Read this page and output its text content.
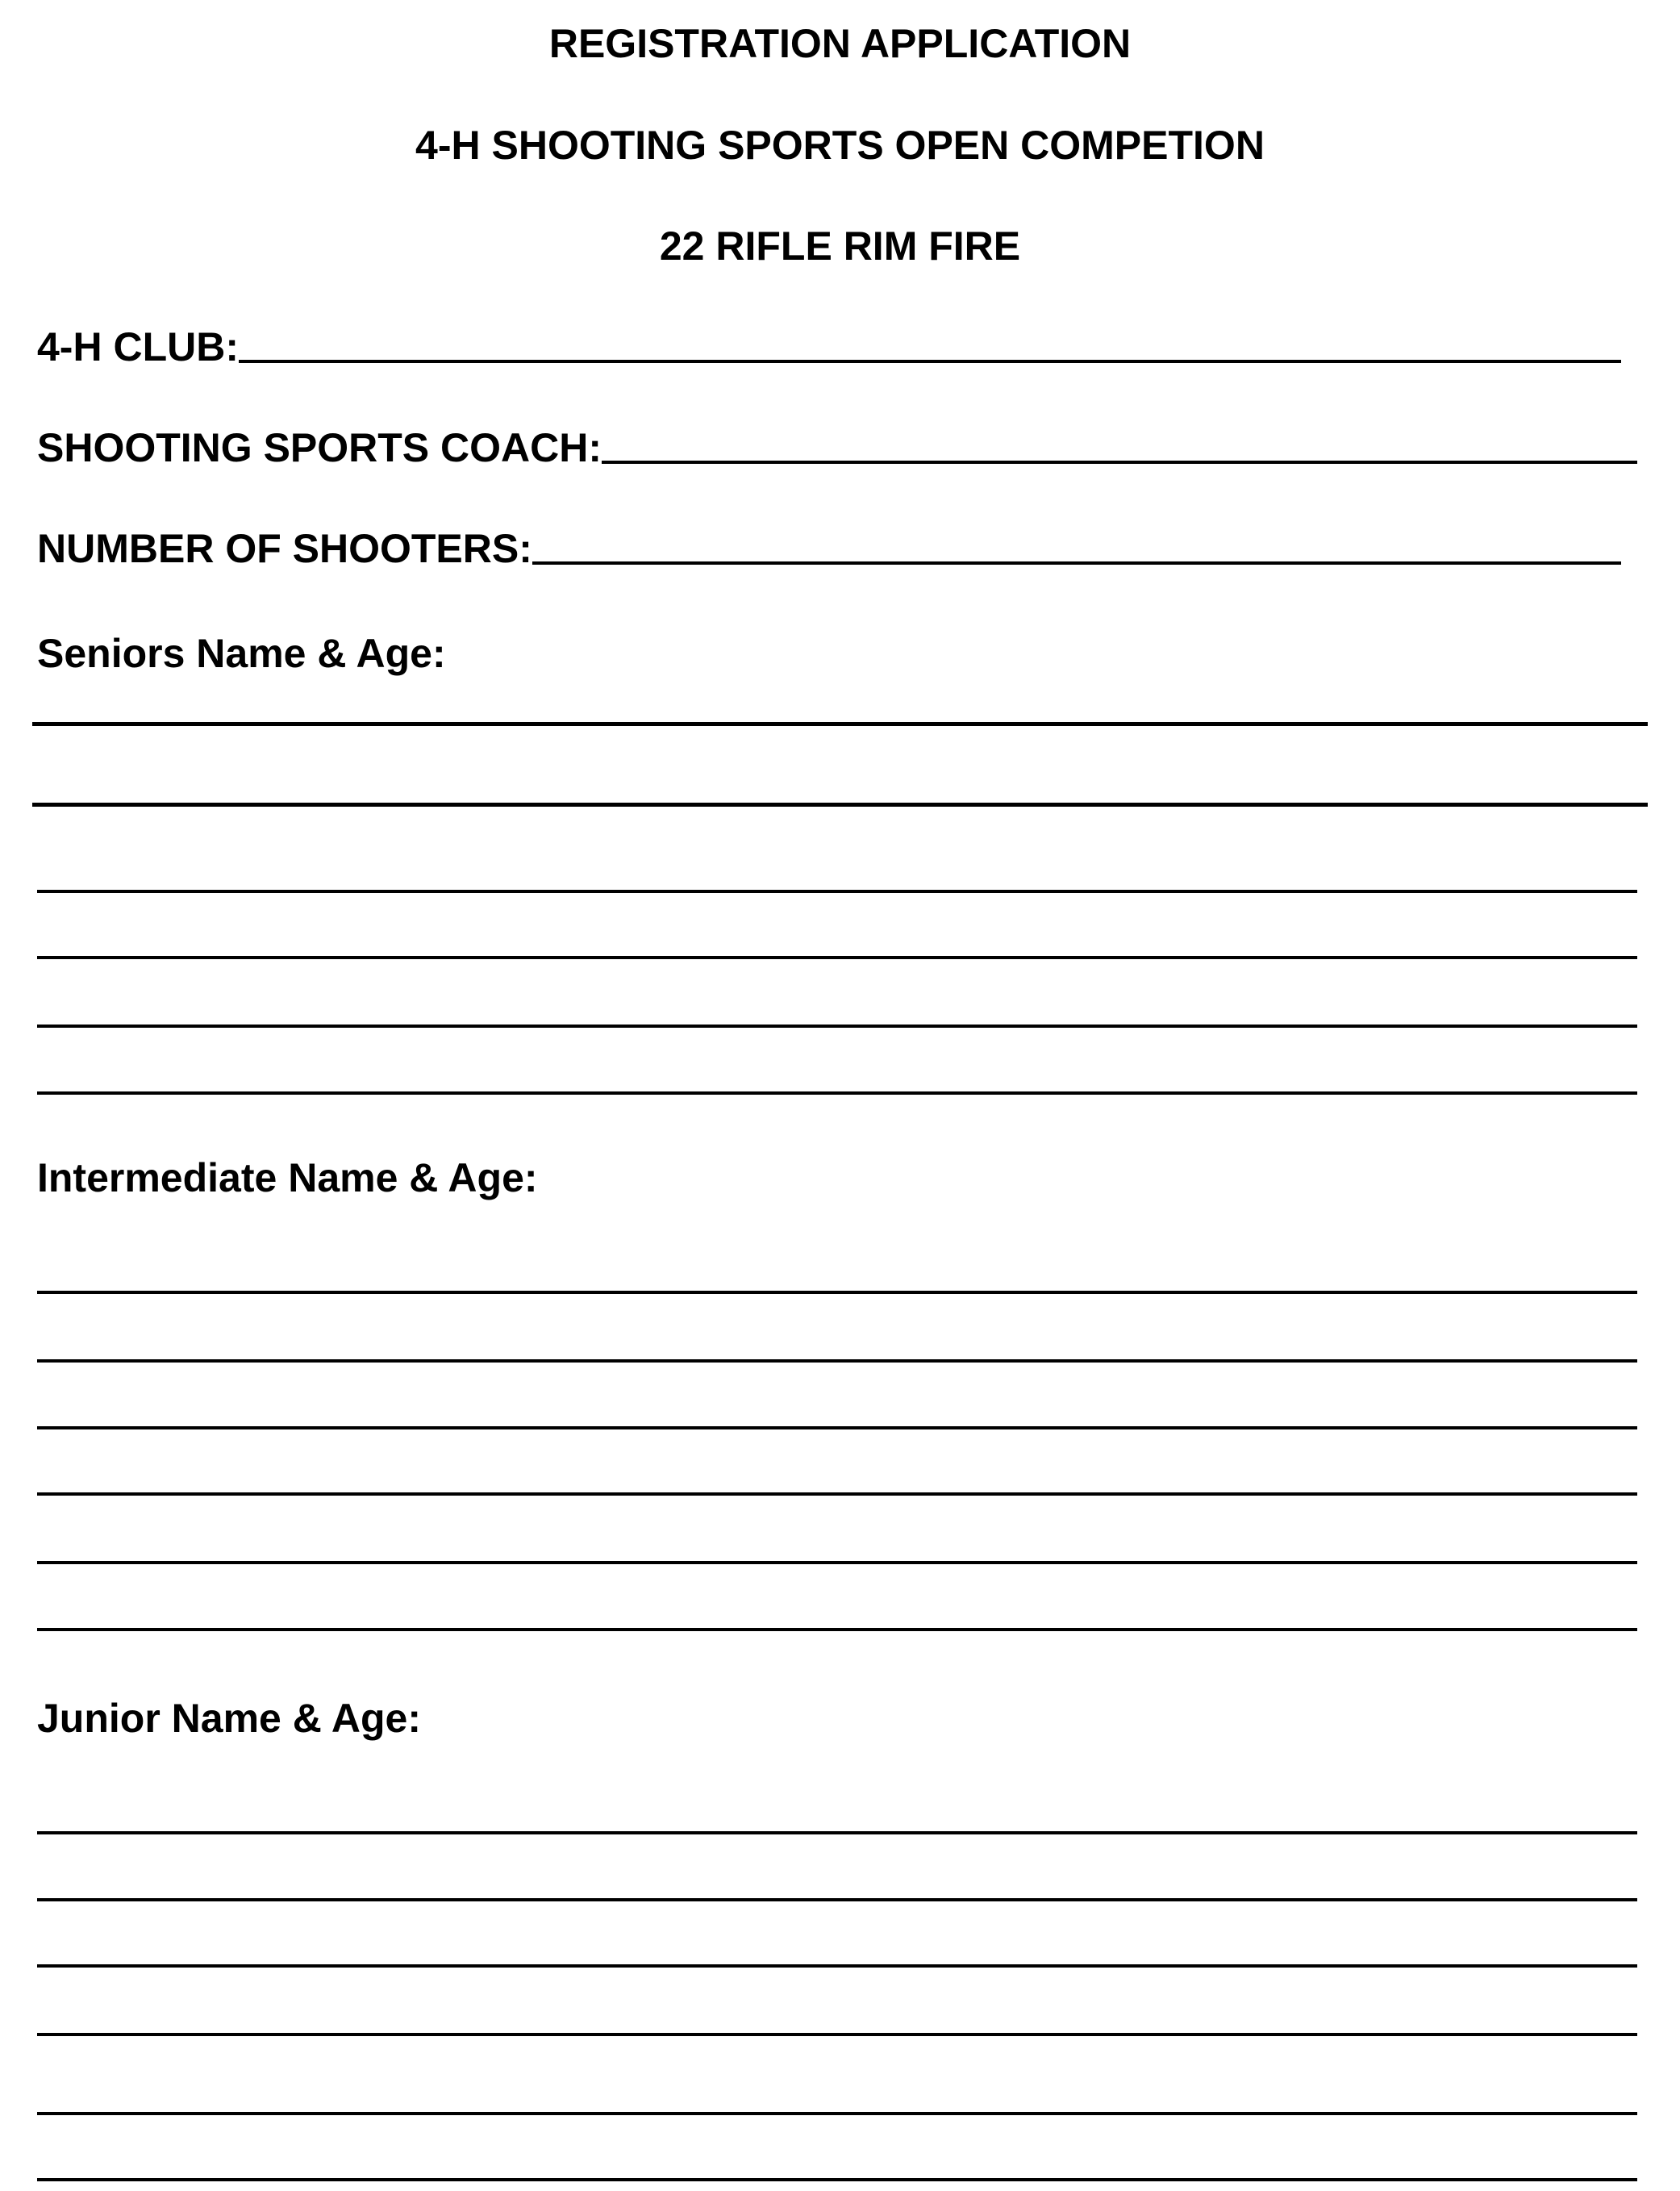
REGISTRATION APPLICATION
4-H SHOOTING SPORTS OPEN COMPETION
22 RIFLE RIM FIRE
4-H CLUB:
SHOOTING SPORTS COACH:
NUMBER OF SHOOTERS:
Seniors Name & Age:
Intermediate Name & Age:
Junior Name & Age:
